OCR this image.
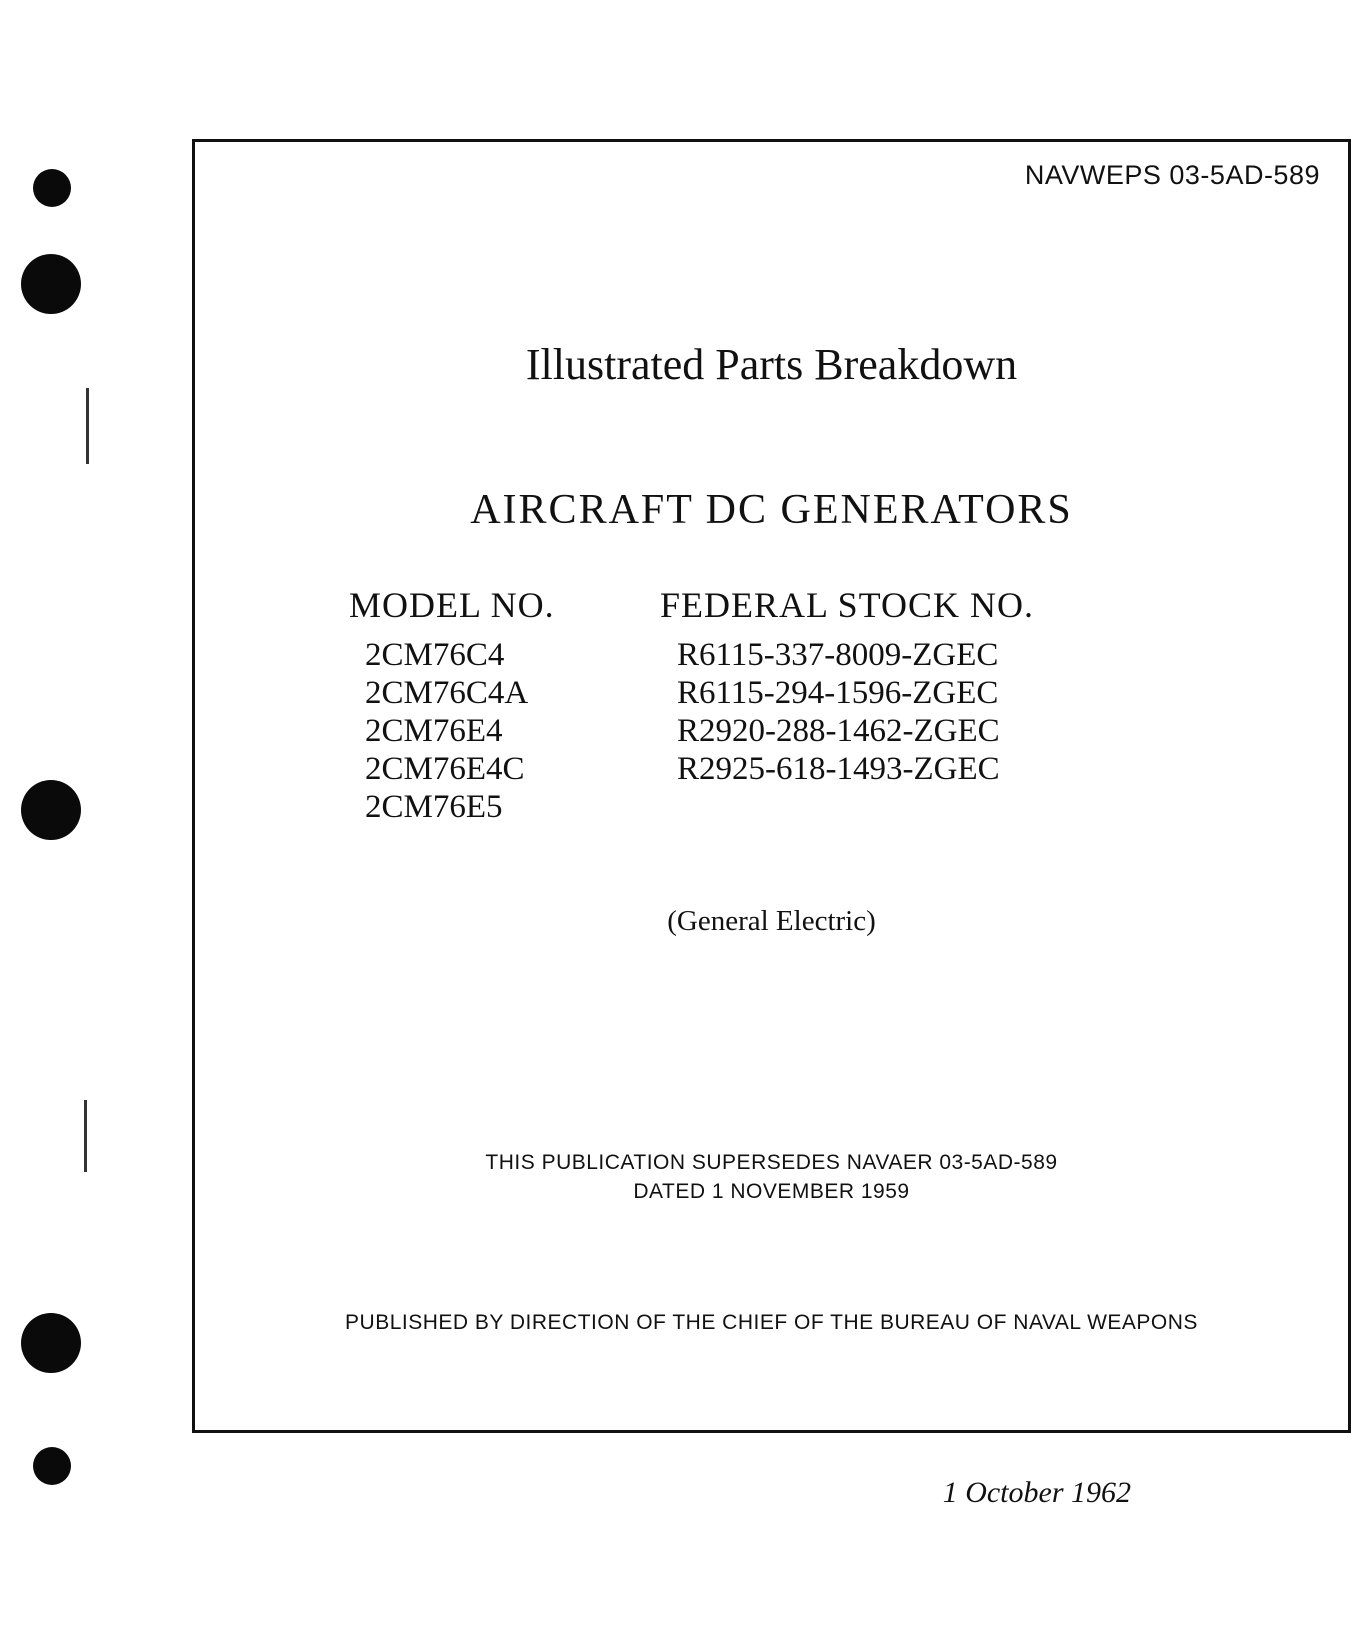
NAVWEPS 03-5AD-589
Illustrated Parts Breakdown
AIRCRAFT DC GENERATORS
MODEL NO.	FEDERAL STOCK NO.
2CM76C4
2CM76C4A
2CM76E4
2CM76E4C
2CM76E5
R6115-337-8009-ZGEC
R6115-294-1596-ZGEC
R2920-288-1462-ZGEC
R2925-618-1493-ZGEC
(General Electric)
THIS PUBLICATION SUPERSEDES NAVAER 03-5AD-589
DATED 1 NOVEMBER 1959
PUBLISHED BY DIRECTION OF THE CHIEF OF THE BUREAU OF NAVAL WEAPONS
1 October 1962
